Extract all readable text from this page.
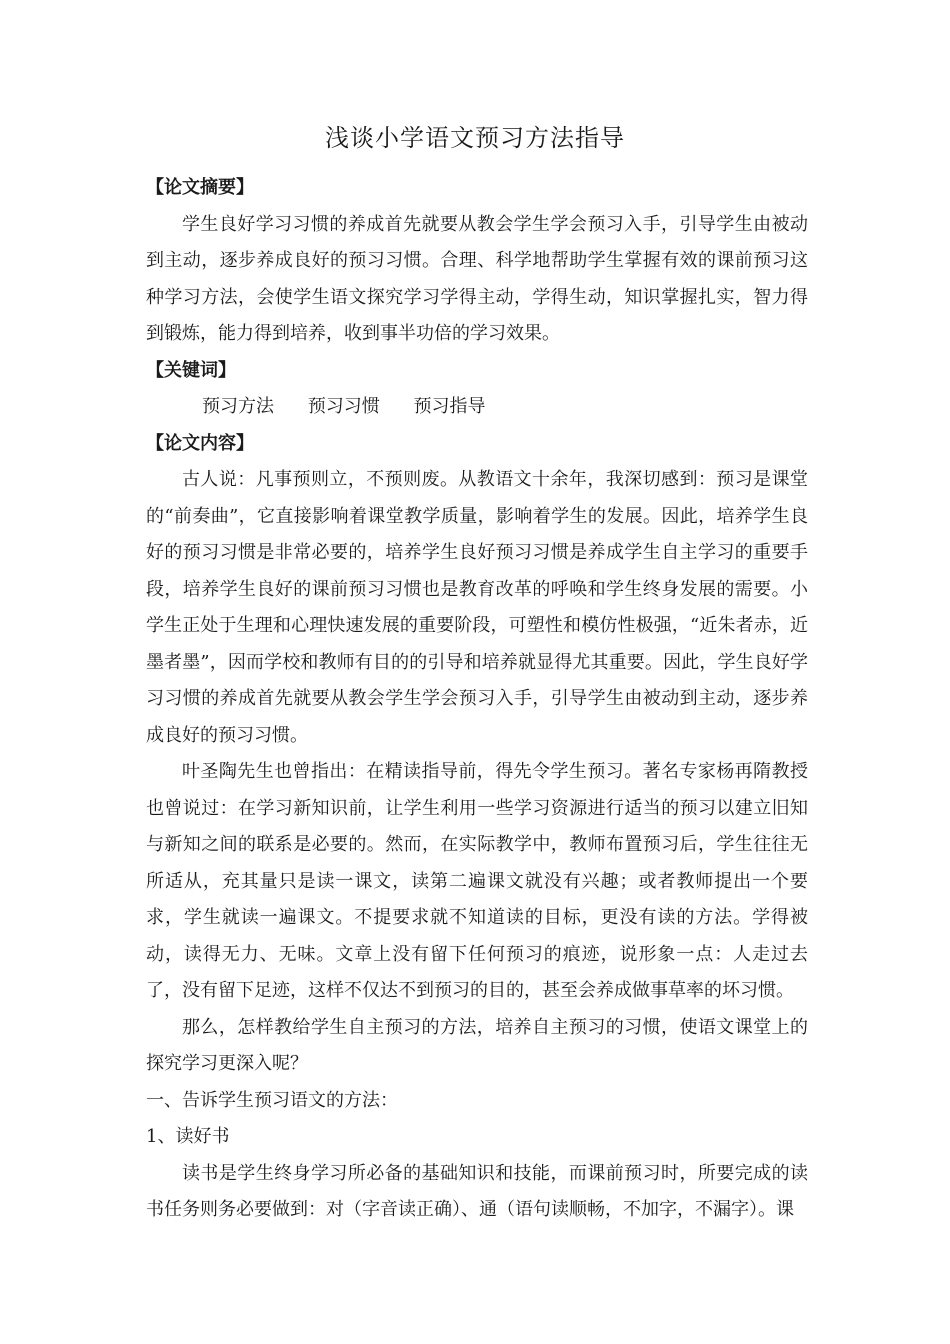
浅谈小学语文预习方法指导

【论文摘要】

学生良好学习习惯的养成首先就要从教会学生学会预习入手，引导学生由被动到主动，逐步养成良好的预习习惯。合理、科学地帮助学生掌握有效的课前预习这种学习方法，会使学生语文探究学习学得主动，学得生动，知识掌握扎实，智力得到锻炼，能力得到培养，收到事半功倍的学习效果。

【关键词】

预习方法 预习习惯 预习指导

【论文内容】

古人说：凡事预则立，不预则废。从教语文十余年，我深切感到：预习是课堂的“前奏曲”，它直接影响着课堂教学质量，影响着学生的发展。因此，培养学生良好的预习习惯是非常必要的，培养学生良好预习习惯是养成学生自主学习的重要手段，培养学生良好的课前预习习惯也是教育改革的呼唤和学生终身发展的需要。小学生正处于生理和心理快速发展的重要阶段，可塑性和模仿性极强，“近朱者赤，近墨者墨”，因而学校和教师有目的的引导和培养就显得尤其重要。因此，学生良好学习习惯的养成首先就要从教会学生学会预习入手，引导学生由被动到主动，逐步养成良好的预习习惯。

叶圣陶先生也曾指出：在精读指导前，得先令学生预习。著名专家杨再隋教授也曾说过：在学习新知识前，让学生利用一些学习资源进行适当的预习以建立旧知与新知之间的联系是必要的。然而，在实际教学中，教师布置预习后，学生往往无所适从，充其量只是读一课文，读第二遍课文就没有兴趣；或者教师提出一个要求，学生就读一遍课文。不提要求就不知道读的目标，更没有读的方法。学得被动，读得无力、无味。文章上没有留下任何预习的痕迹，说形象一点：人走过去了，没有留下足迹，这样不仅达不到预习的目的，甚至会养成做事草率的坏习惯。

那么，怎样教给学生自主预习的方法，培养自主预习的习惯，使语文课堂上的探究学习更深入呢？

一、告诉学生预习语文的方法：

1、读好书

读书是学生终身学习所必备的基础知识和技能，而课前预习时，所要完成的读书任务则务必要做到：对（字音读正确）、通（语句读顺畅，不加字，不漏字）。课
